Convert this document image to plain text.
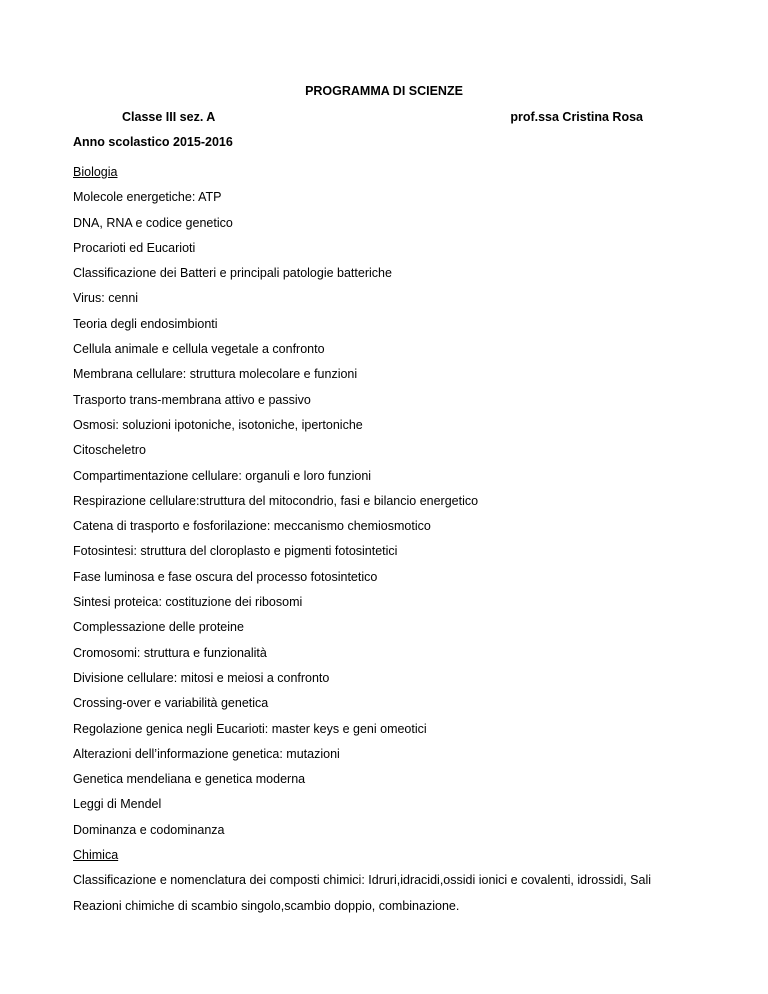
PROGRAMMA DI SCIENZE
Classe III sez. A	prof.ssa Cristina Rosa
Anno scolastico 2015-2016
Biologia
Molecole energetiche: ATP
DNA, RNA e codice genetico
Procarioti ed Eucarioti
Classificazione dei Batteri e principali patologie batteriche
Virus: cenni
Teoria degli endosimbionti
Cellula animale e cellula vegetale a confronto
Membrana cellulare: struttura molecolare e funzioni
Trasporto trans-membrana attivo e passivo
Osmosi: soluzioni ipotoniche, isotoniche, ipertoniche
Citoscheletro
Compartimentazione cellulare: organuli e loro funzioni
Respirazione cellulare:struttura del mitocondrio, fasi e bilancio energetico
Catena di trasporto e fosforilazione: meccanismo chemiosmotico
Fotosintesi: struttura del cloroplasto e pigmenti fotosintetici
Fase luminosa e fase oscura del processo fotosintetico
Sintesi proteica: costituzione dei ribosomi
Complessazione delle proteine
Cromosomi: struttura e funzionalità
Divisione cellulare: mitosi e meiosi a confronto
Crossing-over e variabilità genetica
Regolazione genica negli Eucarioti: master keys e geni omeotici
Alterazioni dell’informazione genetica: mutazioni
Genetica mendeliana e genetica moderna
Leggi di Mendel
Dominanza e codominanza
Chimica
Classificazione e nomenclatura dei composti chimici: Idruri,idracidi,ossidi ionici e covalenti, idrossidi, Sali
Reazioni chimiche di scambio singolo,scambio doppio, combinazione.
